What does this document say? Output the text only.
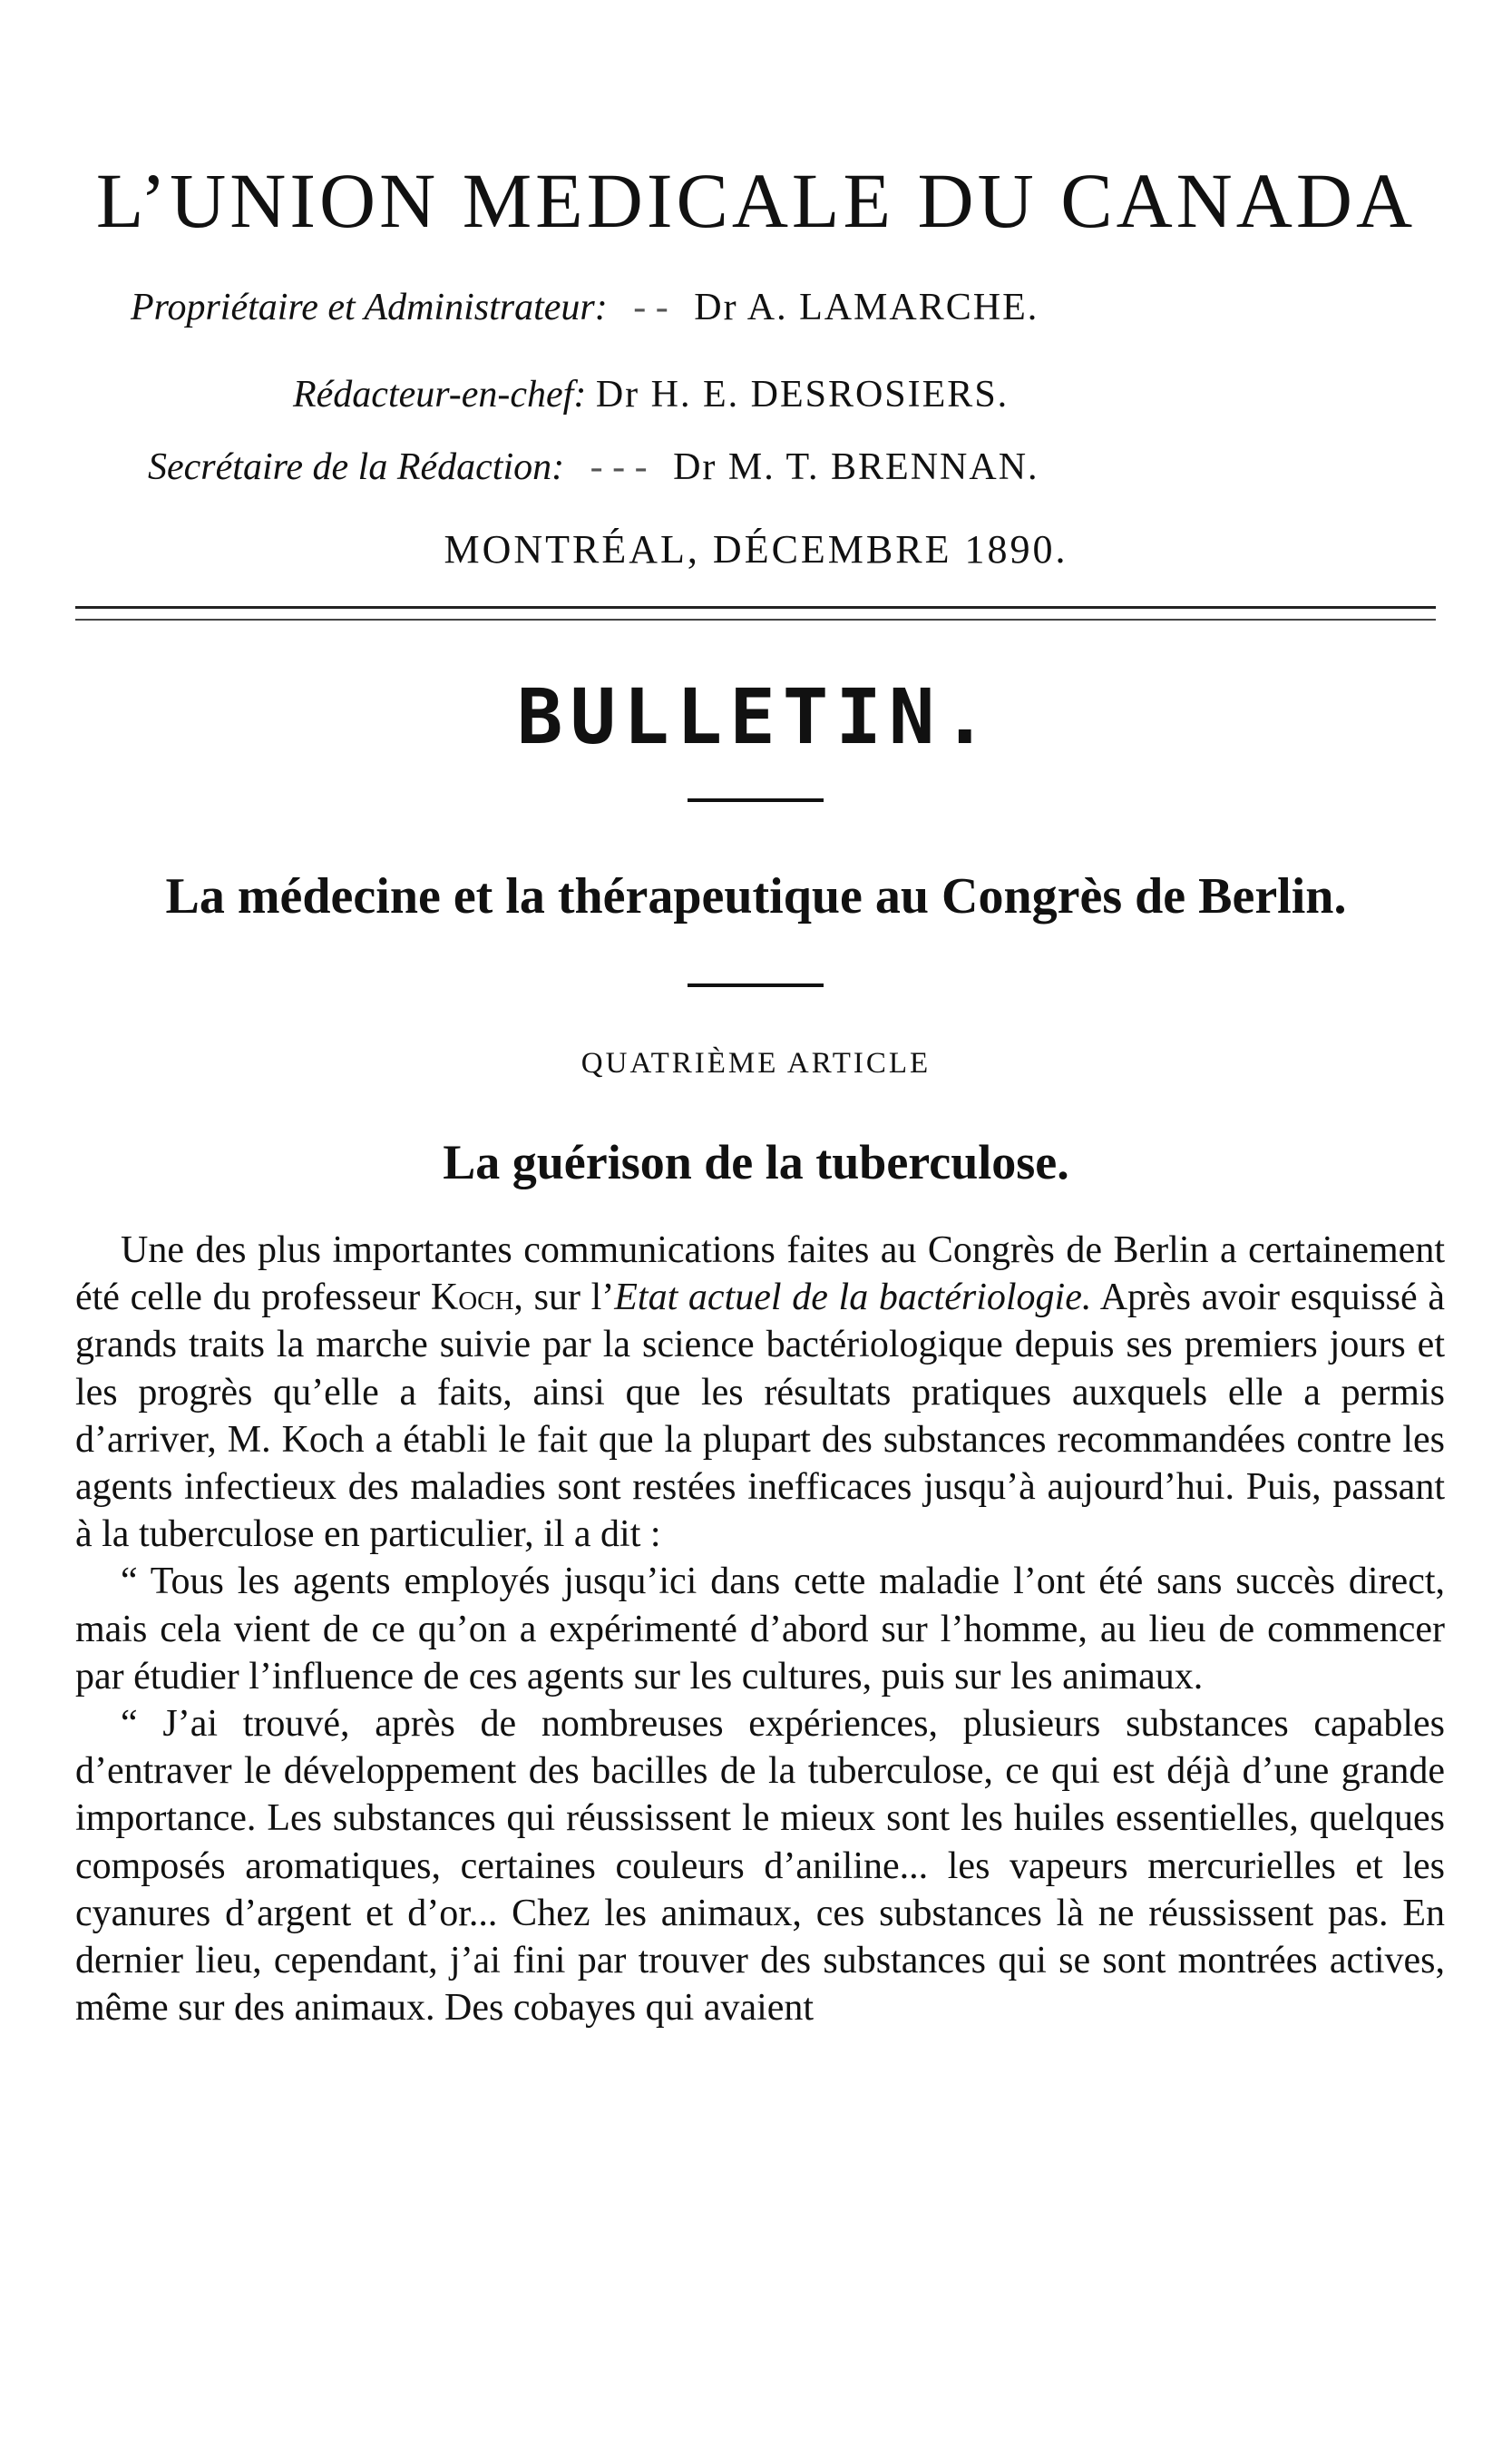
L’UNION MEDICALE DU CANADA
Propriétaire et Administrateur: - - Dr A. LAMARCHE.
Rédacteur-en-chef: Dr H. E. DESROSIERS.
Secrétaire de la Rédaction: - - - Dr M. T. BRENNAN.
MONTRÉAL, DÉCEMBRE 1890.
BULLETIN.
La médecine et la thérapeutique au Congrès de Berlin.
QUATRIÈME ARTICLE
La guérison de la tuberculose.

Une des plus importantes communications faites au Congrès de Berlin a certainement été celle du professeur Koch, sur l’Etat actuel de la bactériologie. Après avoir esquissé à grands traits la marche suivie par la science bactériologique depuis ses premiers jours et les progrès qu’elle a faits, ainsi que les résultats pratiques auxquels elle a permis d’arriver, M. Koch a établi le fait que la plupart des substances recommandées contre les agents infectieux des maladies sont restées inefficaces jusqu’à aujourd’hui. Puis, passant à la tuberculose en particulier, il a dit :

“ Tous les agents employés jusqu’ici dans cette maladie l’ont été sans succès direct, mais cela vient de ce qu’on a expérimenté d’abord sur l’homme, au lieu de commencer par étudier l’influence de ces agents sur les cultures, puis sur les animaux.

“ J’ai trouvé, après de nombreuses expériences, plusieurs substances capables d’entraver le développement des bacilles de la tuberculose, ce qui est déjà d’une grande importance. Les substances qui réussissent le mieux sont les huiles essentielles, quelques composés aromatiques, certaines couleurs d’aniline... les vapeurs mercurielles et les cyanures d’argent et d’or... Chez les animaux, ces substances là ne réussissent pas. En dernier lieu, cependant, j’ai fini par trouver des substances qui se sont montrées actives, même sur des animaux. Des cobayes qui avaient
